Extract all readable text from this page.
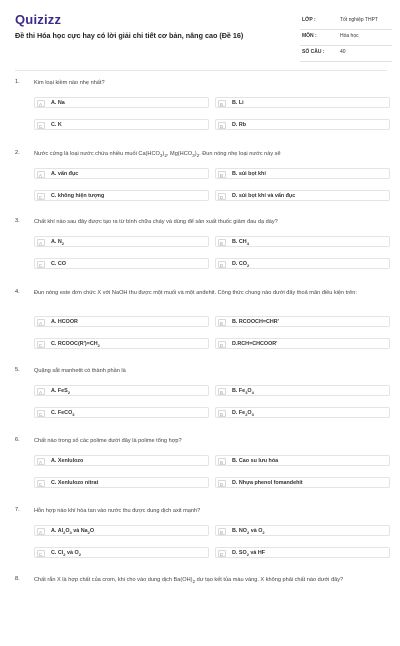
Quizizz
Đề thi Hóa học cực hay có lời giải chi tiết cơ bản, nâng cao (Đề 16)
LỚP :	Tốt nghiệp THPT
MÔN :	Hóa học
SỐ CÂU :	40
1.	Kim loại kiềm nào nhẹ nhất?
A	A. Na	B	B. Li
C	C. K	D	D. Rb
2.	Nước cứng là loại nước chứa nhiều muối $Ca(HCO_3)_2$, $Mg(HCO_3)_2$. Đun nóng nhẹ loại nước này sẽ
A	A. vẩn đục	B	B. sủi bọt khí
C	C. không hiện tượng	D	D. sủi bọt khí và vẩn đục
3.	Chất khí nào sau đây được tạo ra từ bình chữa cháy và dùng để sản xuất thuốc giảm đau dạ dày?
A	A. $N_2$	B	B. $CH_4$
C	C. CO	D	D. $CO_2$
4.	Đun nóng este đơn chức X với NaOH thu được một muối và một anđehit. Công thức chung nào dưới đây thoả mãn điều kiện trên:
A	A. HCOOR	B	B. RCOOCH=CHR'
C	C. $RCOOC(R')=CH_2$	D	D.RCH=CHCOOR'
5.	Quặng sắt manhetit có thành phần là
A	A. FeS$_2$	B	B. $Fe_3O_4$
C	C. FeCO$_3$	D	D. $Fe_2O_3$
6.	Chất nào trong số các polime dưới đây là polime tổng hợp?
A	A. Xenlulozo	B	B. Cao su lưu hóa
C	C. Xenlulozo nitrat	D	D. Nhựa phenol fomandehit
7.	Hỗn hợp nào khí hòa tan vào nước thu được dung dịch axit mạnh?
A	A. $Al_2O_3$ và $Na_2O$	B	B. $NO_2$ và $O_2$
C	C. $Cl_2$ và $O_2$	D	D. $SO_2$ và HF
8.	Chất rắn X là hợp chất của crom, khi cho vào dung dịch $Ba(OH)_2$ dư tạo kết tủa màu vàng. X không phải chất nào dưới đây?
